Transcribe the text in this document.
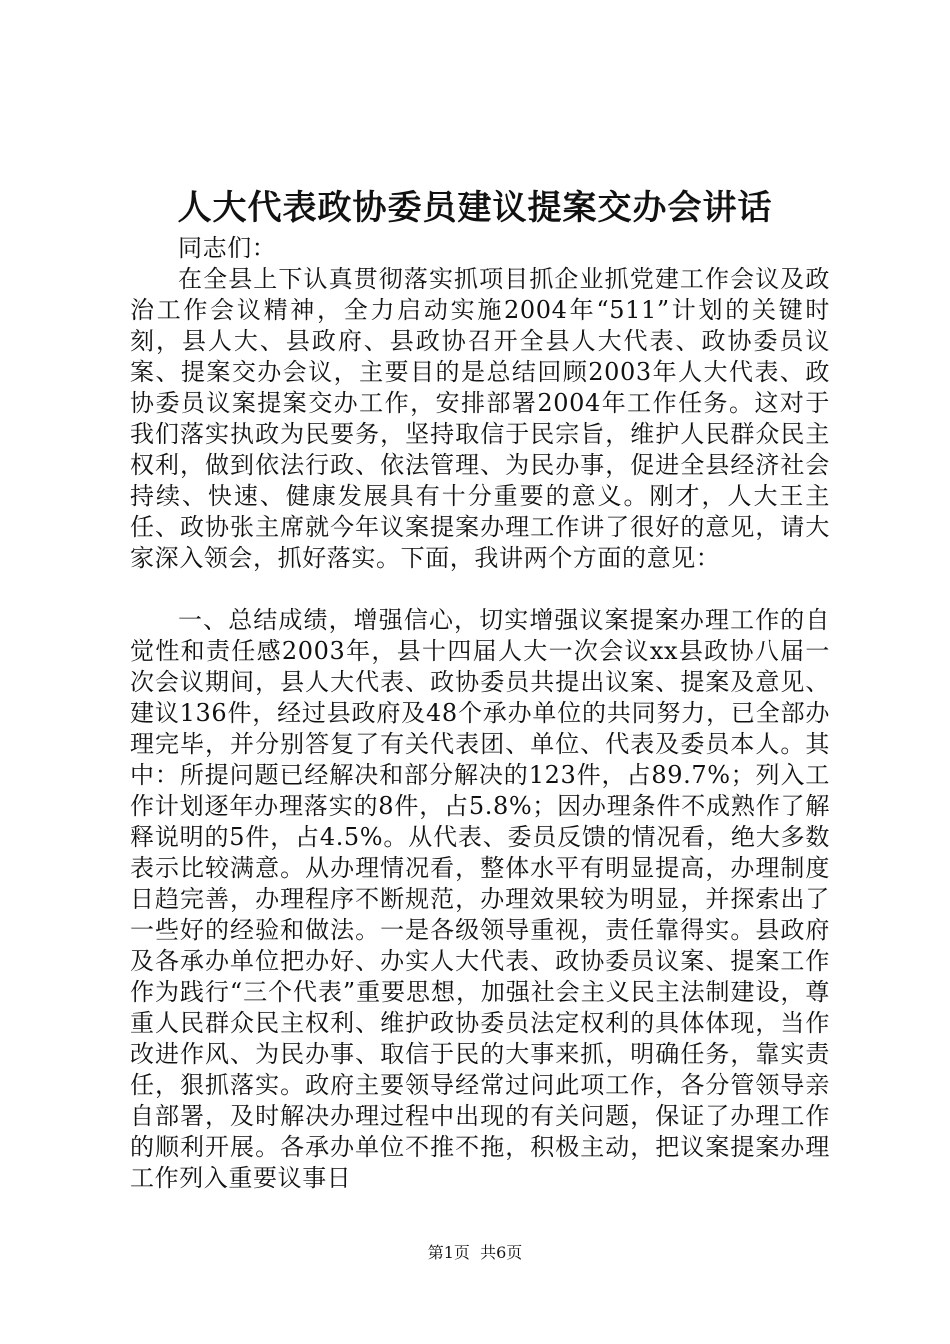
人大代表政协委员建议提案交办会讲话

同志们：

在全县上下认真贯彻落实抓项目抓企业抓党建工作会议及政治工作会议精神，全力启动实施2004年“511”计划的关键时刻，县人大、县政府、县政协召开全县人大代表、政协委员议案、提案交办会议，主要目的是总结回顾2003年人大代表、政协委员议案提案交办工作，安排部署2004年工作任务。这对于我们落实执政为民要务，坚持取信于民宗旨，维护人民群众民主权利，做到依法行政、依法管理、为民办事，促进全县经济社会持续、快速、健康发展具有十分重要的意义。刚才，人大王主任、政协张主席就今年议案提案办理工作讲了很好的意见，请大家深入领会，抓好落实。下面，我讲两个方面的意见：

一、总结成绩，增强信心，切实增强议案提案办理工作的自觉性和责任感2003年，县十四届人大一次会议xx县政协八届一次会议期间，县人大代表、政协委员共提出议案、提案及意见、建议136件，经过县政府及48个承办单位的共同努力，已全部办理完毕，并分别答复了有关代表团、单位、代表及委员本人。其中：所提问题已经解决和部分解决的123件，占89.7%；列入工作计划逐年办理落实的8件，占5.8%；因办理条件不成熟作了解释说明的5件，占4.5%。从代表、委员反馈的情况看，绝大多数表示比较满意。从办理情况看，整体水平有明显提高，办理制度日趋完善，办理程序不断规范，办理效果较为明显，并探索出了一些好的经验和做法。一是各级领导重视，责任靠得实。县政府及各承办单位把办好、办实人大代表、政协委员议案、提案工作作为践行“三个代表”重要思想，加强社会主义民主法制建设，尊重人民群众民主权利、维护政协委员法定权利的具体体现，当作改进作风、为民办事、取信于民的大事来抓，明确任务，靠实责任，狠抓落实。政府主要领导经常过问此项工作，各分管领导亲自部署，及时解决办理过程中出现的有关问题，保证了办理工作的顺利开展。各承办单位不推不拖，积极主动，把议案提案办理工作列入重要议事日

第1页  共6页
